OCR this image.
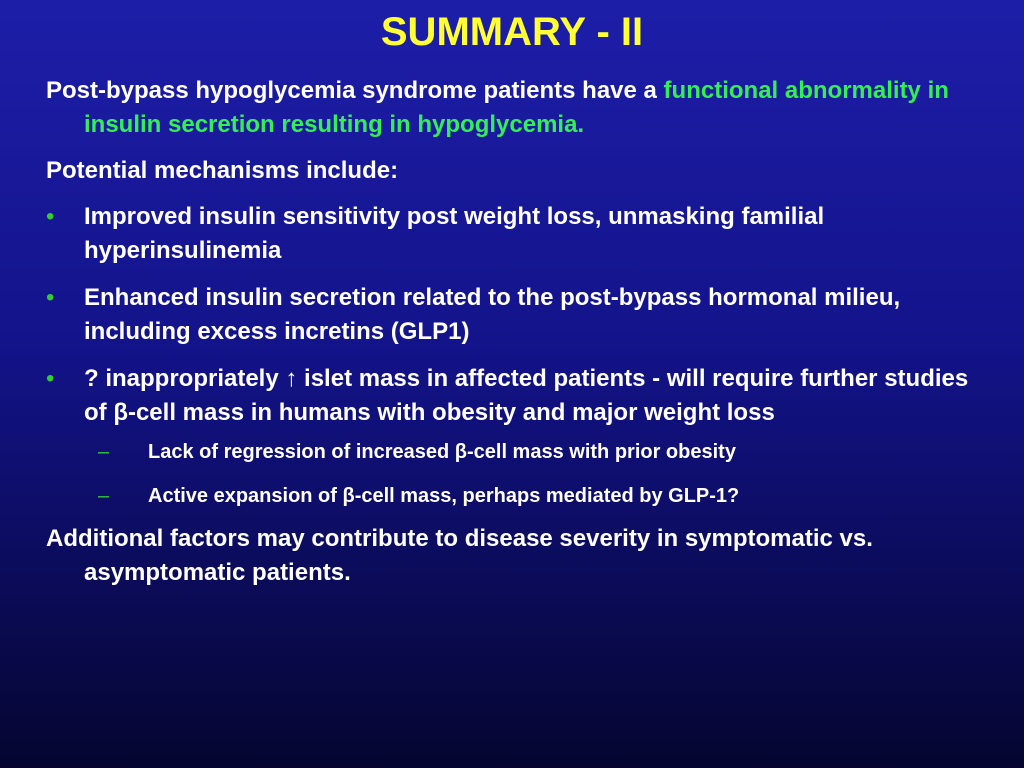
SUMMARY - II
Post-bypass hypoglycemia syndrome patients have a functional abnormality in insulin secretion resulting in hypoglycemia.
Potential mechanisms include:
•	Improved insulin sensitivity post weight loss, unmasking familial hyperinsulinemia
•	Enhanced insulin secretion related to the post-bypass hormonal milieu, including excess incretins (GLP1)
•	? inappropriately ↑ islet mass in affected patients - will require further studies of β-cell mass in humans with obesity and major weight loss
– Lack of regression of increased β-cell mass with prior obesity
– Active expansion of β-cell mass, perhaps mediated by GLP-1?
Additional factors may contribute to disease severity in symptomatic vs. asymptomatic patients.
